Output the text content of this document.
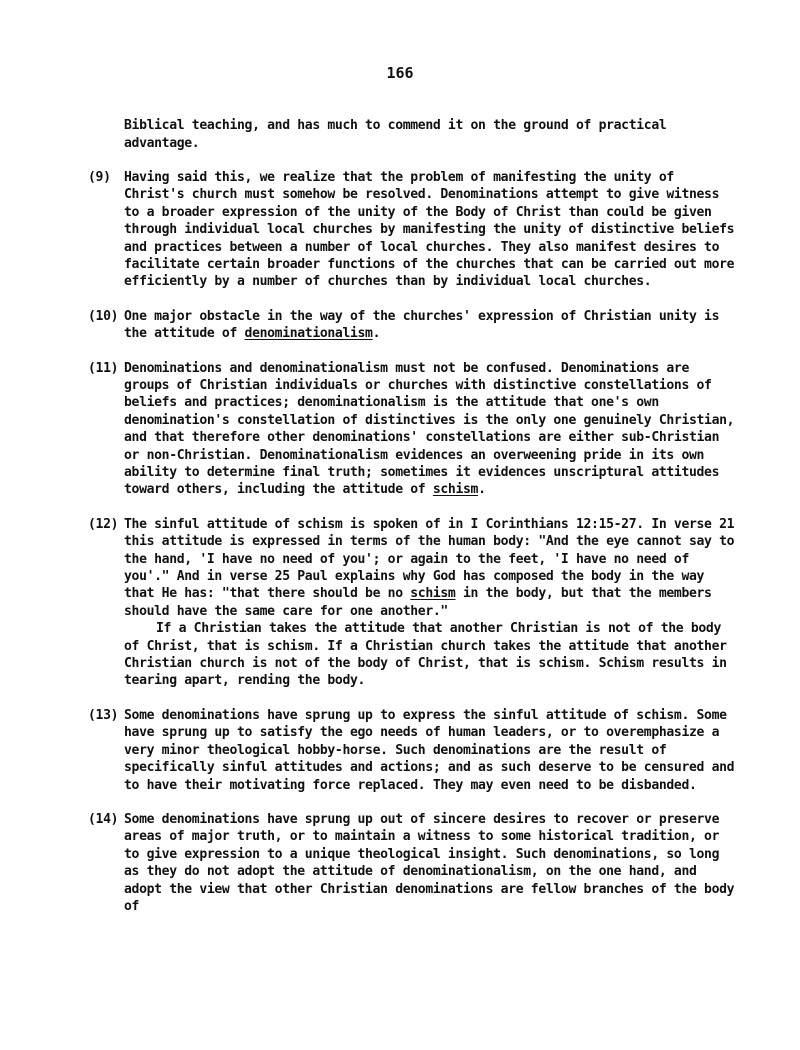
166

Biblical teaching, and has much to commend it on the ground of practical advantage.

(9) Having said this, we realize that the problem of manifesting the unity of Christ's church must somehow be resolved. Denominations attempt to give witness to a broader expression of the unity of the Body of Christ than could be given through individual local churches by manifesting the unity of distinctive beliefs and practices between a number of local churches. They also manifest desires to facilitate certain broader functions of the churches that can be carried out more efficiently by a number of churches than by individual local churches.

(10) One major obstacle in the way of the churches' expression of Christian unity is the attitude of denominationalism.

(11) Denominations and denominationalism must not be confused. Denominations are groups of Christian individuals or churches with distinctive constellations of beliefs and practices; denominationalism is the attitude that one's own denomination's constellation of distinctives is the only one genuinely Christian, and that therefore other denominations' constellations are either sub-Christian or non-Christian. Denominationalism evidences an overweening pride in its own ability to determine final truth; sometimes it evidences unscriptural attitudes toward others, including the attitude of schism.

(12) The sinful attitude of schism is spoken of in I Corinthians 12:15-27. In verse 21 this attitude is expressed in terms of the human body: "And the eye cannot say to the hand, 'I have no need of you'; or again to the feet, 'I have no need of you'." And in verse 25 Paul explains why God has composed the body in the way that He has: "that there should be no schism in the body, but that the members should have the same care for one another."

If a Christian takes the attitude that another Christian is not of the body of Christ, that is schism. If a Christian church takes the attitude that another Christian church is not of the body of Christ, that is schism. Schism results in tearing apart, rending the body.

(13) Some denominations have sprung up to express the sinful attitude of schism. Some have sprung up to satisfy the ego needs of human leaders, or to overemphasize a very minor theological hobby-horse. Such denominations are the result of specifically sinful attitudes and actions; and as such deserve to be censured and to have their motivating force replaced. They may even need to be disbanded.

(14) Some denominations have sprung up out of sincere desires to recover or preserve areas of major truth, or to maintain a witness to some historical tradition, or to give expression to a unique theological insight. Such denominations, so long as they do not adopt the attitude of denominationalism, on the one hand, and adopt the view that other Christian denominations are fellow branches of the body of
